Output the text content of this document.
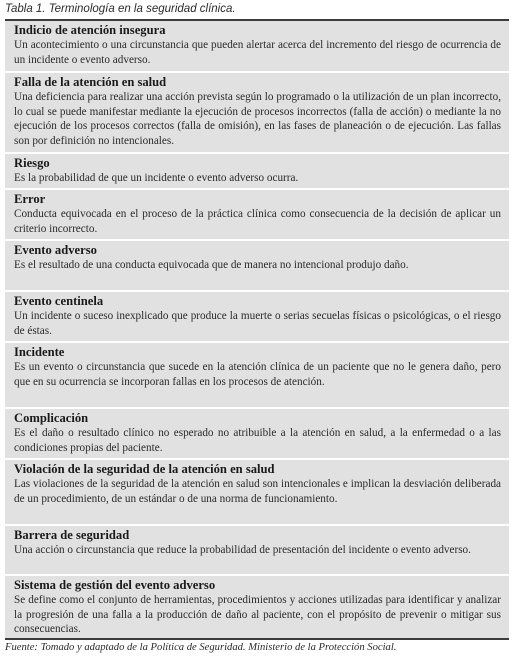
Tabla 1. Terminología en la seguridad clínica.
Indicio de atención insegura
Un acontecimiento o una circunstancia que pueden alertar acerca del incremento del riesgo de ocurrencia de un incidente o evento adverso.
Falla de la atención en salud
Una deficiencia para realizar una acción prevista según lo programado o la utilización de un plan incorrecto, lo cual se puede manifestar mediante la ejecución de procesos incorrectos (falla de acción) o mediante la no ejecución de los procesos correctos (falla de omisión), en las fases de planeación o de ejecución. Las fallas son por definición no intencionales.
Riesgo
Es la probabilidad de que un incidente o evento adverso ocurra.
Error
Conducta equivocada en el proceso de la práctica clínica como consecuencia de la decisión de aplicar un criterio incorrecto.
Evento adverso
Es el resultado de una conducta equivocada que de manera no intencional produjo daño.
Evento centinela
Un incidente o suceso inexplicado que produce la muerte o serias secuelas físicas o psicológicas, o el riesgo de éstas.
Incidente
Es un evento o circunstancia que sucede en la atención clínica de un paciente que no le genera daño, pero que en su ocurrencia se incorporan fallas en los procesos de atención.
Complicación
Es el daño o resultado clínico no esperado no atribuible a la atención en salud, a la enfermedad o a las condiciones propias del paciente.
Violación de la seguridad de la atención en salud
Las violaciones de la seguridad de la atención en salud son intencionales e implican la desviación deliberada de un procedimiento, de un estándar o de una norma de funcionamiento.
Barrera de seguridad
Una acción o circunstancia que reduce la probabilidad de presentación del incidente o evento adverso.
Sistema de gestión del evento adverso
Se define como el conjunto de herramientas, procedimientos y acciones utilizadas para identificar y analizar la progresión de una falla a la producción de daño al paciente, con el propósito de prevenir o mitigar sus consecuencias.
Fuente: Tomado y adaptado de la Política de Seguridad. Ministerio de la Protección Social.
